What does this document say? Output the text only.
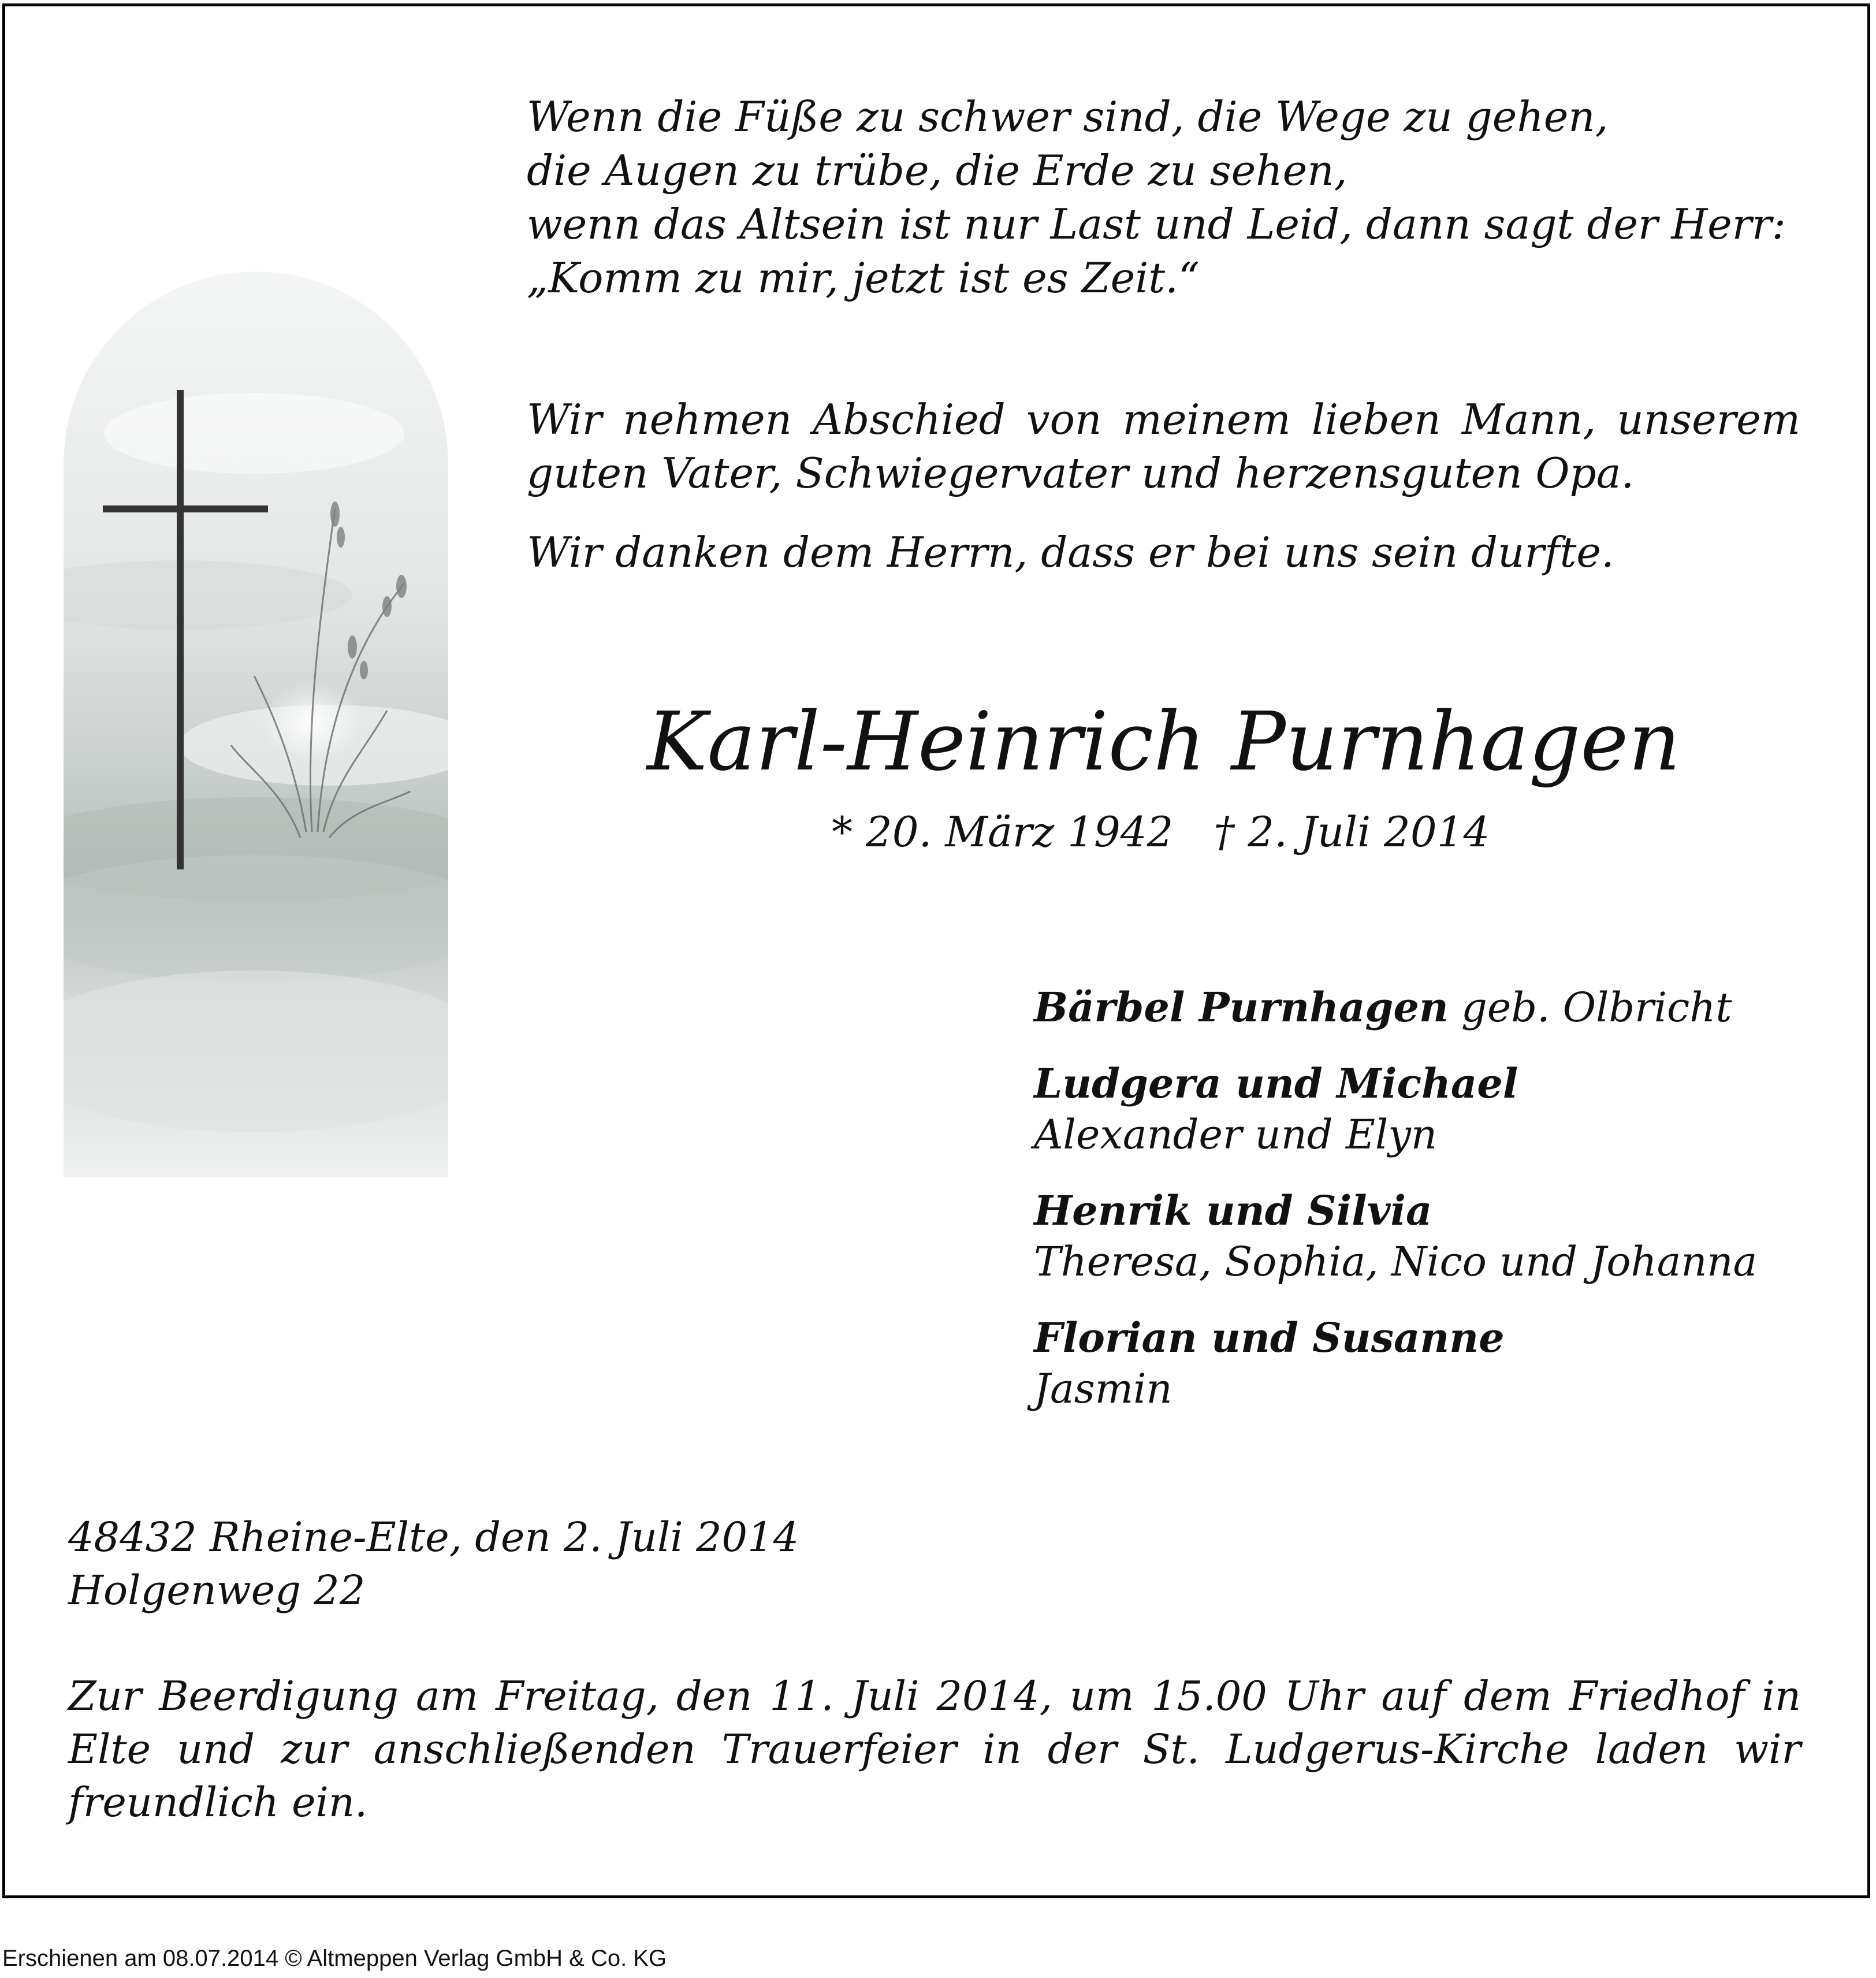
Wenn die Füße zu schwer sind, die Wege zu gehen,
die Augen zu trübe, die Erde zu sehen,
wenn das Altsein ist nur Last und Leid, dann sagt der Herr:
„Komm zu mir, jetzt ist es Zeit.“
Wir nehmen Abschied von meinem lieben Mann, unserem guten Vater, Schwiegervater und herzensguten Opa.
Wir danken dem Herrn, dass er bei uns sein durfte.
Karl-Heinrich Purnhagen
* 20. März 1942 † 2. Juli 2014
Bärbel Purnhagen geb. Olbricht
Ludgera und Michael
Alexander und Elyn
Henrik und Silvia
Theresa, Sophia, Nico und Johanna
Florian und Susanne
Jasmin
48432 Rheine-Elte, den 2. Juli 2014
Holgenweg 22
Zur Beerdigung am Freitag, den 11. Juli 2014, um 15.00 Uhr auf dem Friedhof in Elte und zur anschließenden Trauerfeier in der St. Ludgerus-Kirche laden wir freundlich ein.
Erschienen am 08.07.2014 © Altmeppen Verlag GmbH & Co. KG
